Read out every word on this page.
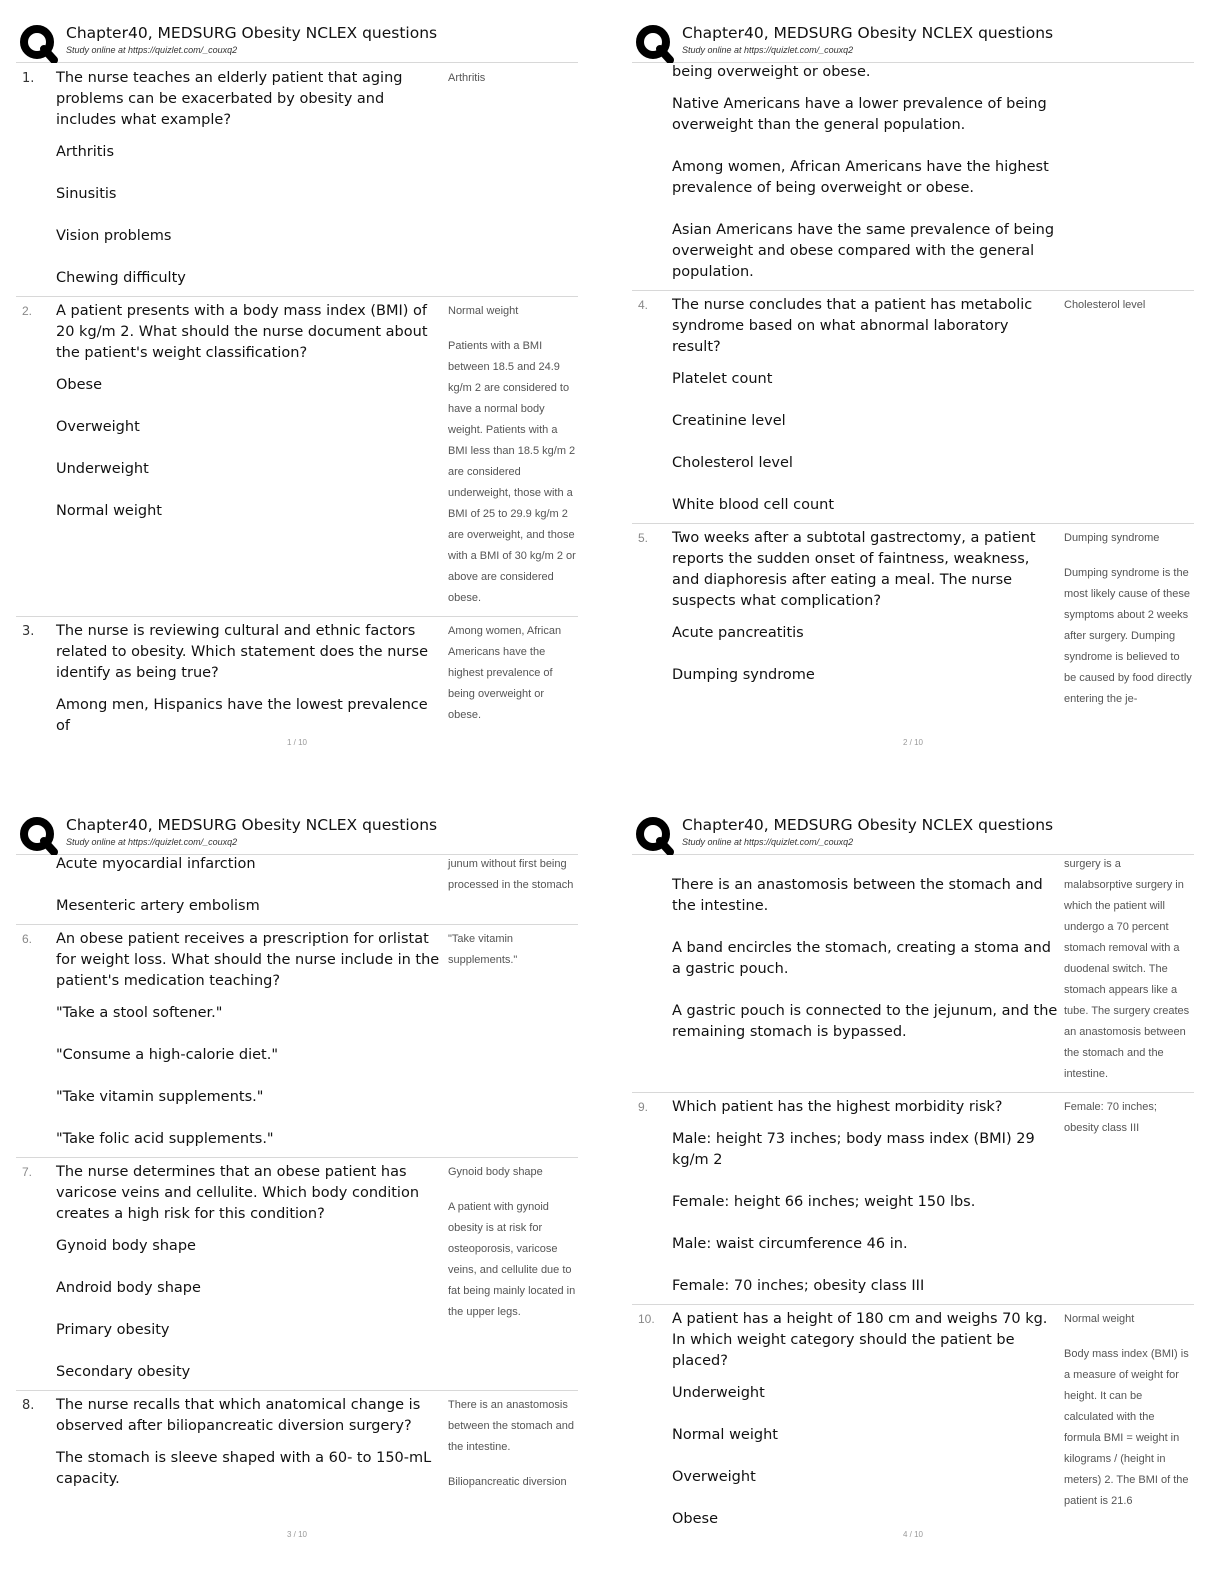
Chapter40, MEDSURG Obesity NCLEX questions
Study online at https://quizlet.com/_couxq2
1.	The nurse teaches an elderly patient that aging problems can be exacerbated by obesity and includes what example?
Arthritis
Sinusitis
Vision problems
Chewing difficulty
Arthritis
2.	A patient presents with a body mass index (BMI) of 20 kg/m 2. What should the nurse document about the patient's weight classification?
Obese
Overweight
Underweight
Normal weight
Normal weight
Patients with a BMI between 18.5 and 24.9 kg/m 2 are considered to have a normal body weight. Patients with a BMI less than 18.5 kg/m 2 are considered underweight, those with a BMI of 25 to 29.9 kg/m 2 are overweight, and those with a BMI of 30 kg/m 2 or above are considered obese.
3.	The nurse is reviewing cultural and ethnic factors related to obesity. Which statement does the nurse identify as being true?
Among men, Hispanics have the lowest prevalence of
Among women, African Americans have the highest prevalence of being overweight or obese.
1 / 10
Chapter40, MEDSURG Obesity NCLEX questions
Study online at https://quizlet.com/_couxq2
being overweight or obese.
Native Americans have a lower prevalence of being overweight than the general population.
Among women, African Americans have the highest prevalence of being overweight or obese.
Asian Americans have the same prevalence of being overweight and obese compared with the general population.
4.	The nurse concludes that a patient has metabolic syndrome based on what abnormal laboratory result?
Platelet count
Creatinine level
Cholesterol level
White blood cell count
Cholesterol level
5.	Two weeks after a subtotal gastrectomy, a patient reports the sudden onset of faintness, weakness, and diaphoresis after eating a meal. The nurse suspects what complication?
Acute pancreatitis
Dumping syndrome
Dumping syndrome
Dumping syndrome is the most likely cause of these symptoms about 2 weeks after surgery. Dumping syndrome is believed to be caused by food directly entering the je-
2 / 10
Chapter40, MEDSURG Obesity NCLEX questions
Study online at https://quizlet.com/_couxq2
Acute myocardial infarction
Mesenteric artery embolism
junum without first being processed in the stomach
6.	An obese patient receives a prescription for orlistat for weight loss. What should the nurse include in the patient's medication teaching?
"Take a stool softener."
"Consume a high-calorie diet."
"Take vitamin supplements."
"Take folic acid supplements."
"Take vitamin supplements."
7.	The nurse determines that an obese patient has varicose veins and cellulite. Which body condition creates a high risk for this condition?
Gynoid body shape
Android body shape
Primary obesity
Secondary obesity
Gynoid body shape
A patient with gynoid obesity is at risk for osteoporosis, varicose veins, and cellulite due to fat being mainly located in the upper legs.
8.	The nurse recalls that which anatomical change is observed after biliopancreatic diversion surgery?
The stomach is sleeve shaped with a 60- to 150-mL capacity.
There is an anastomosis between the stomach and the intestine.
Biliopancreatic diversion
3 / 10
Chapter40, MEDSURG Obesity NCLEX questions
Study online at https://quizlet.com/_couxq2
There is an anastomosis between the stomach and the intestine.
A band encircles the stomach, creating a stoma and a gastric pouch.
A gastric pouch is connected to the jejunum, and the remaining stomach is bypassed.
surgery is a malabsorptive surgery in which the patient will undergo a 70 percent stomach removal with a duodenal switch. The stomach appears like a tube. The surgery creates an anastomosis between the stomach and the intestine.
9.	Which patient has the highest morbidity risk?
Male: height 73 inches; body mass index (BMI) 29 kg/m 2
Female: height 66 inches; weight 150 lbs.
Male: waist circumference 46 in.
Female: 70 inches; obesity class III
Female: 70 inches; obesity class III
10.	A patient has a height of 180 cm and weighs 70 kg. In which weight category should the patient be placed?
Underweight
Normal weight
Overweight
Obese
Normal weight
Body mass index (BMI) is a measure of weight for height. It can be calculated with the formula BMI = weight in kilograms / (height in meters) 2. The BMI of the patient is 21.6
4 / 10
